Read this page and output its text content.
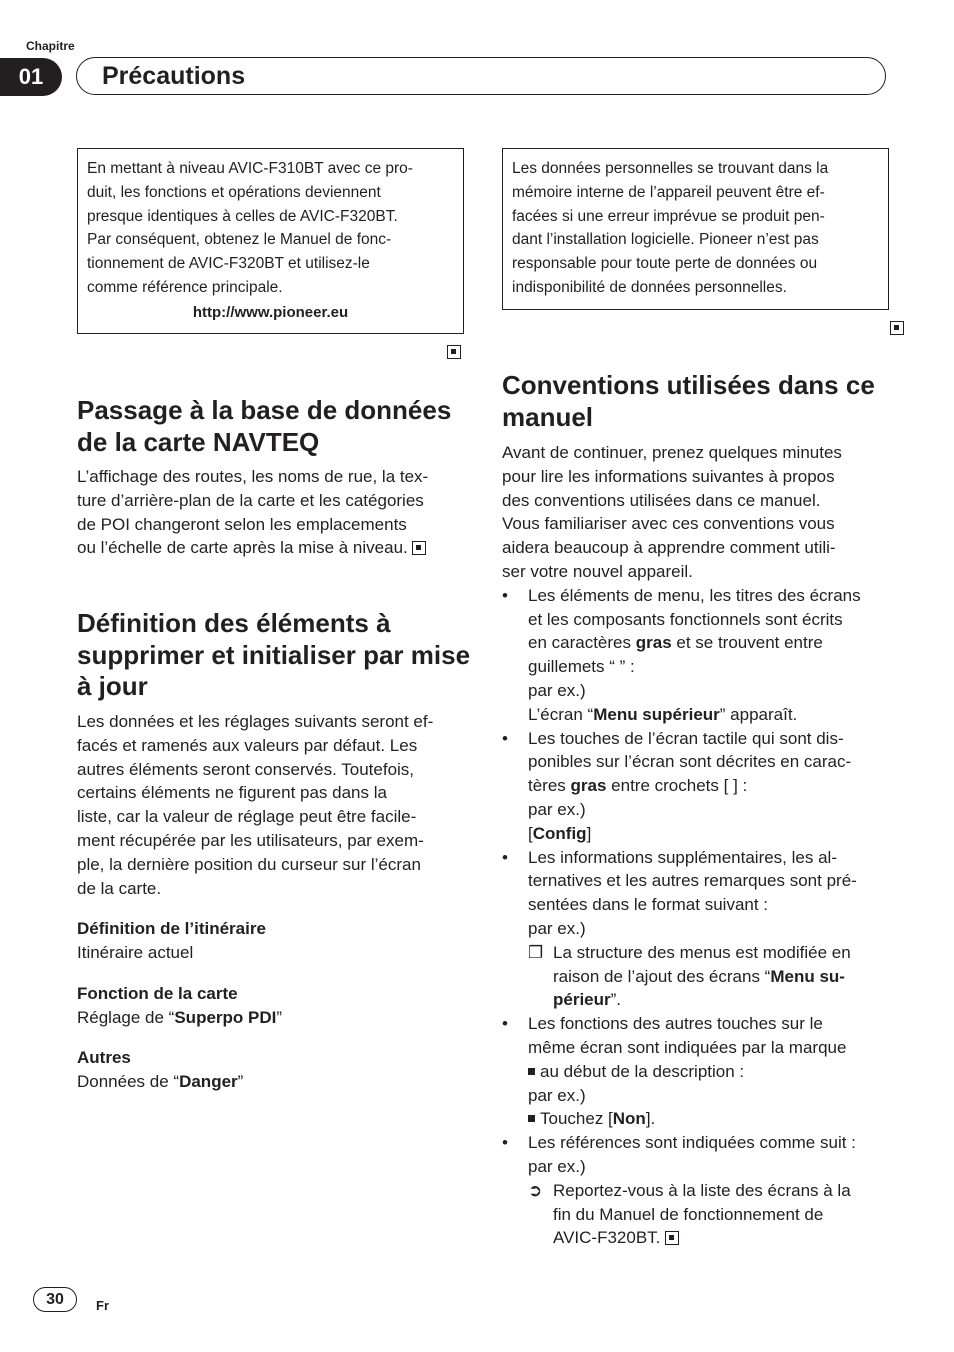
Chapitre
01	Précautions
En mettant à niveau AVIC-F310BT avec ce pro-
duit, les fonctions et opérations deviennent
presque identiques à celles de AVIC-F320BT.
Par conséquent, obtenez le Manuel de fonc-
tionnement de AVIC-F320BT et utilisez-le
comme référence principale.
http://www.pioneer.eu

Les données personnelles se trouvant dans la
mémoire interne de l’appareil peuvent être ef-
facées si une erreur imprévue se produit pen-
dant l’installation logicielle. Pioneer n’est pas
responsable pour toute perte de données ou
indisponibilité de données personnelles.
Passage à la base de données de la carte NAVTEQ
L’affichage des routes, les noms de rue, la tex-
ture d’arrière-plan de la carte et les catégories
de POI changeront selon les emplacements
ou l’échelle de carte après la mise à niveau.
Définition des éléments à supprimer et initialiser par mise à jour
Les données et les réglages suivants seront ef-
facés et ramenés aux valeurs par défaut. Les
autres éléments seront conservés. Toutefois,
certains éléments ne figurent pas dans la
liste, car la valeur de réglage peut être facile-
ment récupérée par les utilisateurs, par exem-
ple, la dernière position du curseur sur l’écran
de la carte.
Définition de l’itinéraire
Itinéraire actuel
Fonction de la carte
Réglage de “Superpo PDI”
Autres
Données de “Danger”
Conventions utilisées dans ce manuel
Avant de continuer, prenez quelques minutes
pour lire les informations suivantes à propos
des conventions utilisées dans ce manuel.
Vous familiariser avec ces conventions vous
aidera beaucoup à apprendre comment utili-
ser votre nouvel appareil.
• Les éléments de menu, les titres des écrans
et les composants fonctionnels sont écrits
en caractères gras et se trouvent entre
guillemets “ ” :
par ex.)
L’écran “Menu supérieur” apparaît.
• Les touches de l’écran tactile qui sont dis-
ponibles sur l’écran sont décrites en carac-
tères gras entre crochets [ ] :
par ex.)
[Config]
• Les informations supplémentaires, les al-
ternatives et les autres remarques sont pré-
sentées dans le format suivant :
par ex.)
❒ La structure des menus est modifiée en
raison de l’ajout des écrans “Menu su-
périeur”.
• Les fonctions des autres touches sur le
même écran sont indiquées par la marque
au début de la description :
par ex.)
Touchez [Non].
• Les références sont indiquées comme suit :
par ex.)
➲ Reportez-vous à la liste des écrans à la
fin du Manuel de fonctionnement de
AVIC-F320BT.
30	Fr
